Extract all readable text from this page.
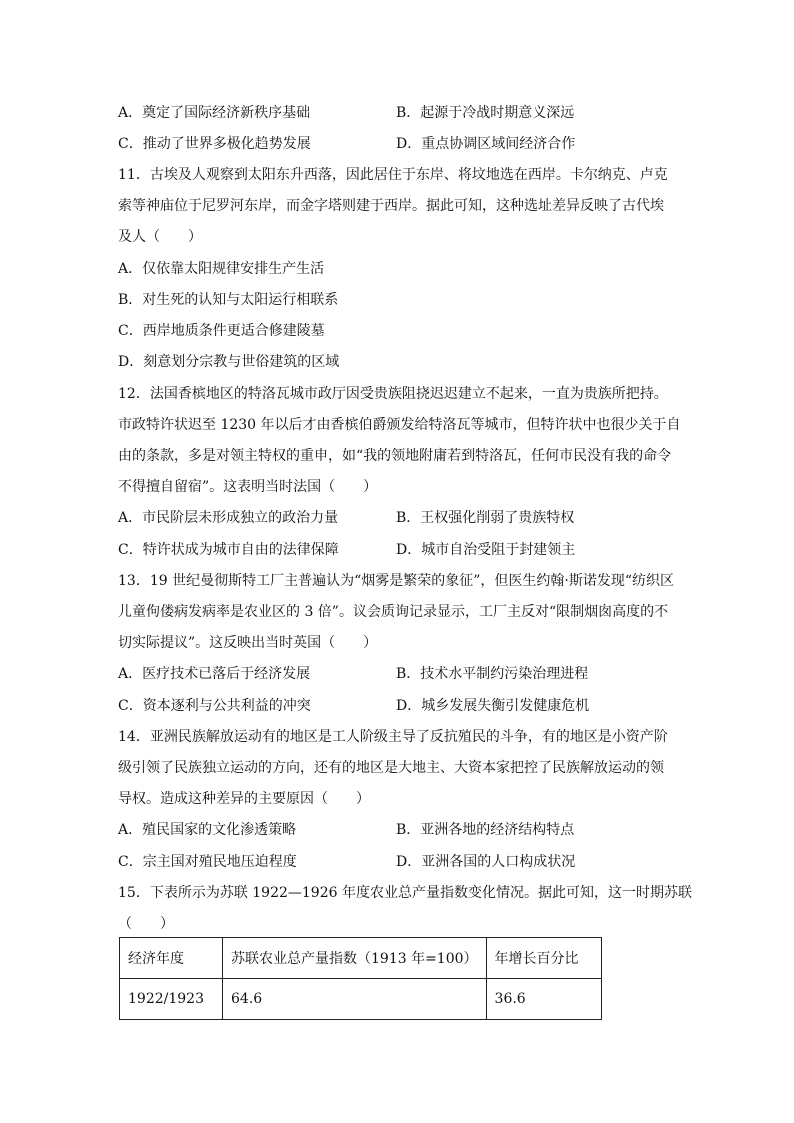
A．奠定了国际经济新秩序基础	B．起源于冷战时期意义深远
C．推动了世界多极化趋势发展	D．重点协调区域间经济合作
11．古埃及人观察到太阳东升西落，因此居住于东岸、将坟地选在西岸。卡尔纳克、卢克
索等神庙位于尼罗河东岸，而金字塔则建于西岸。据此可知，这种选址差异反映了古代埃
及人（　　）
A．仅依靠太阳规律安排生产生活
B．对生死的认知与太阳运行相联系
C．西岸地质条件更适合修建陵墓
D．刻意划分宗教与世俗建筑的区域
12．法国香槟地区的特洛瓦城市政厅因受贵族阻挠迟迟建立不起来，一直为贵族所把持。
市政特许状迟至 1230 年以后才由香槟伯爵颁发给特洛瓦等城市，但特许状中也很少关于自
由的条款，多是对领主特权的重申，如“我的领地附庸若到特洛瓦，任何市民没有我的命令
不得擅自留宿”。这表明当时法国（　　）
A．市民阶层未形成独立的政治力量	B．王权强化削弱了贵族特权
C．特许状成为城市自由的法律保障	D．城市自治受阻于封建领主
13．19 世纪曼彻斯特工厂主普遍认为“烟雾是繁荣的象征”，但医生约翰·斯诺发现“纺织区
儿童佝偻病发病率是农业区的 3 倍”。议会质询记录显示，工厂主反对“限制烟囱高度的不
切实际提议”。这反映出当时英国（　　）
A．医疗技术已落后于经济发展	B．技术水平制约污染治理进程
C．资本逐利与公共利益的冲突	D．城乡发展失衡引发健康危机
14．亚洲民族解放运动有的地区是工人阶级主导了反抗殖民的斗争，有的地区是小资产阶
级引领了民族独立运动的方向，还有的地区是大地主、大资本家把控了民族解放运动的领
导权。造成这种差异的主要原因（　　）
A．殖民国家的文化渗透策略	B．亚洲各地的经济结构特点
C．宗主国对殖民地压迫程度	D．亚洲各国的人口构成状况
15．下表所示为苏联 1922—1926 年度农业总产量指数变化情况。据此可知，这一时期苏联
（　　）
经济年度	苏联农业总产量指数（1913 年=100）	年增长百分比
1922/1923	64.6	36.6
